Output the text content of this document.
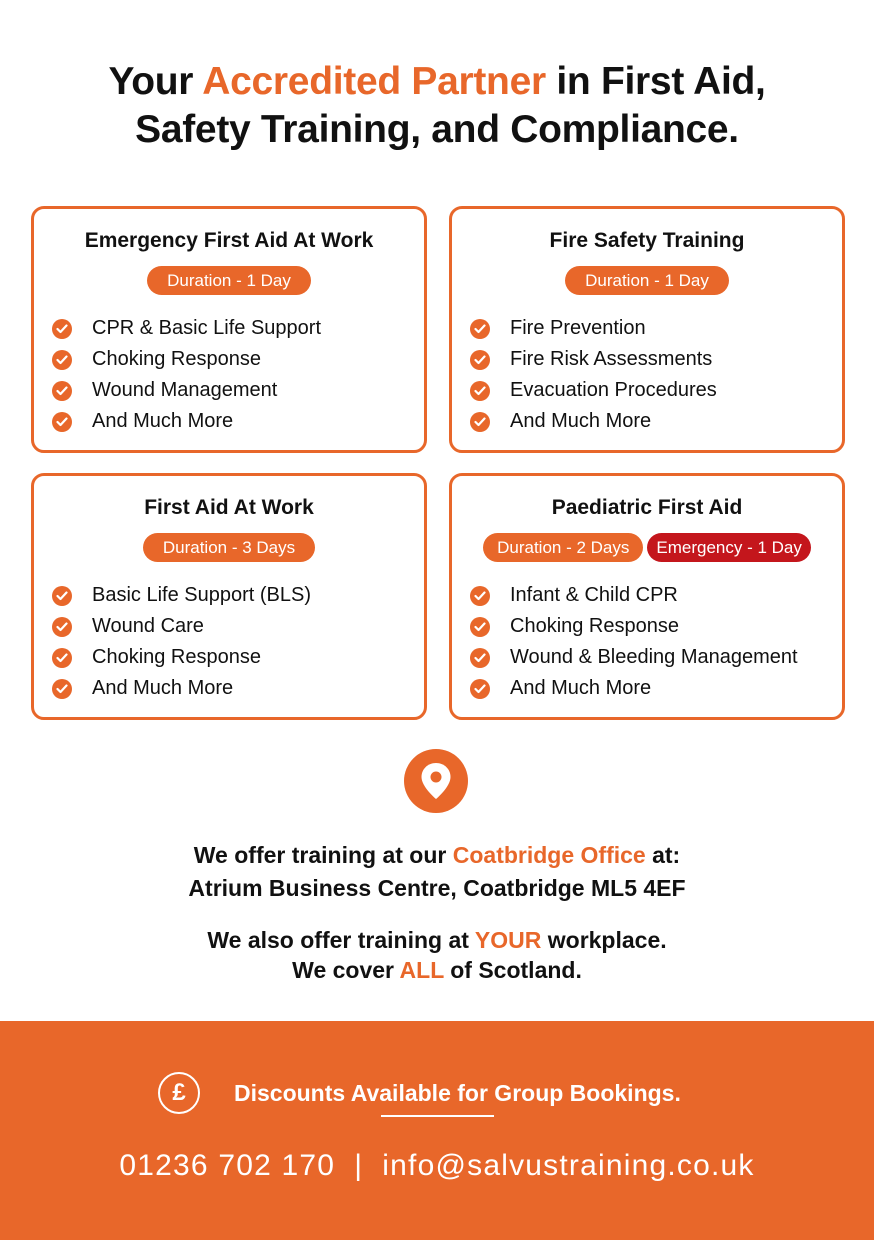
Your Accredited Partner in First Aid,
Safety Training, and Compliance.
Emergency First Aid At Work
Duration - 1 Day
CPR & Basic Life Support
Choking Response
Wound Management
And Much More
Fire Safety Training
Duration - 1 Day
Fire Prevention
Fire Risk Assessments
Evacuation Procedures
And Much More
First Aid At Work
Duration - 3 Days
Basic Life Support (BLS)
Wound Care
Choking Response
And Much More
Paediatric First Aid
Duration - 2 Days	Emergency - 1 Day
Infant & Child CPR
Choking Response
Wound & Bleeding Management
And Much More
We offer training at our Coatbridge Office at:
Atrium Business Centre, Coatbridge ML5 4EF
We also offer training at YOUR workplace.
We cover ALL of Scotland.
£	Discounts Available for Group Bookings.
01236 702 170  |  info@salvustraining.co.uk
